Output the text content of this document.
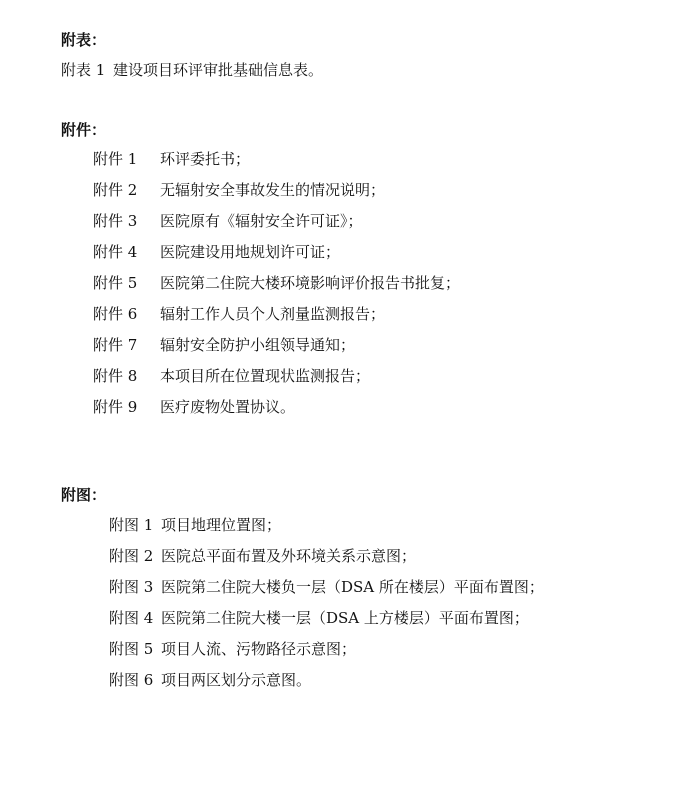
附表：
附表 1 建设项目环评审批基础信息表。
附件：
附件 1 环评委托书；
附件 2 无辐射安全事故发生的情况说明；
附件 3 医院原有《辐射安全许可证》；
附件 4 医院建设用地规划许可证；
附件 5 医院第二住院大楼环境影响评价报告书批复；
附件 6 辐射工作人员个人剂量监测报告；
附件 7 辐射安全防护小组领导通知；
附件 8 本项目所在位置现状监测报告；
附件 9 医疗废物处置协议。
附图：
附图 1 项目地理位置图；
附图 2 医院总平面布置及外环境关系示意图；
附图 3 医院第二住院大楼负一层（DSA 所在楼层）平面布置图；
附图 4 医院第二住院大楼一层（DSA 上方楼层）平面布置图；
附图 5 项目人流、污物路径示意图；
附图 6 项目两区划分示意图。
